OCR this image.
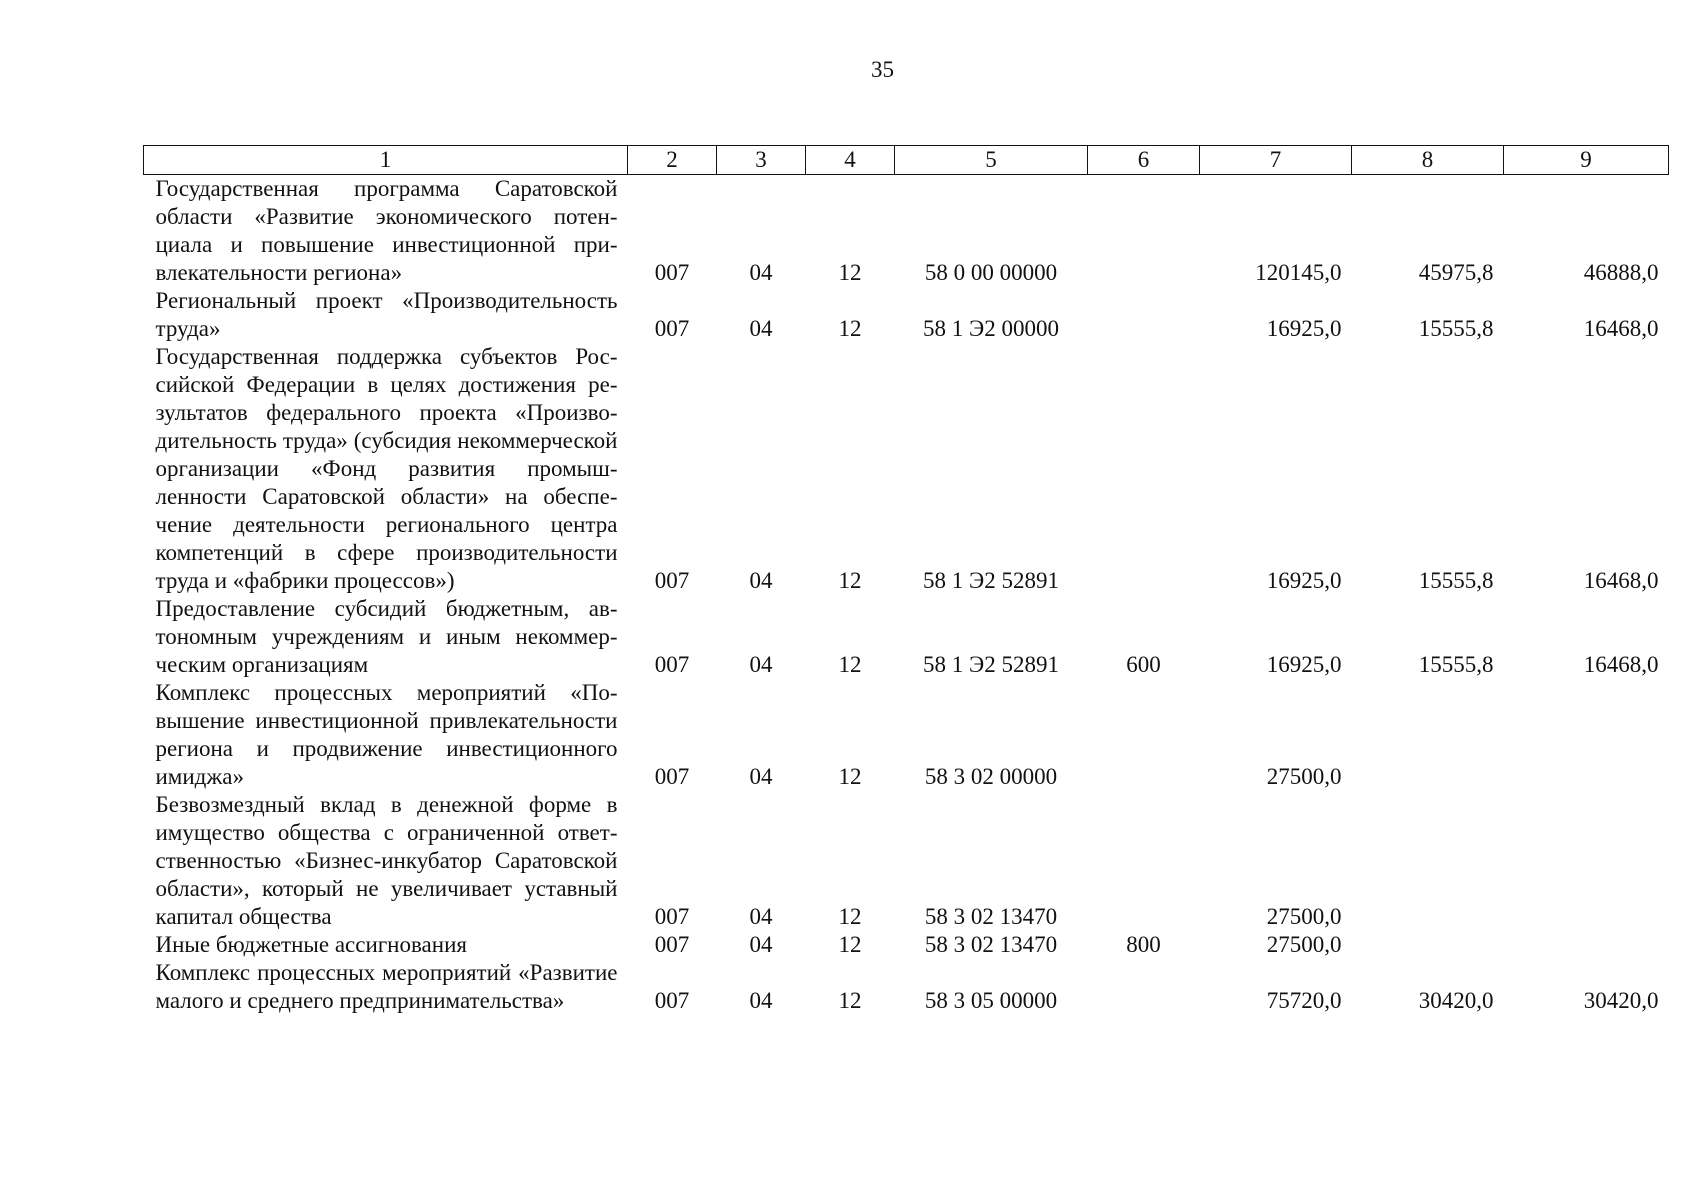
35
1	2	3	4	5	6	7	8	9
Государственная программа Саратовской области «Развитие экономического потенциала и повышение инвестиционной привлекательности региона»	007	04	12	58 0 00 00000		120145,0	45975,8	46888,0
Региональный проект «Производительность труда»	007	04	12	58 1 Э2 00000		16925,0	15555,8	16468,0
Государственная поддержка субъектов Российской Федерации в целях достижения результатов федерального проекта «Производительность труда» (субсидия некоммерческой организации «Фонд развития промышленности Саратовской области» на обеспечение деятельности регионального центра компетенций в сфере производительности труда и «фабрики процессов»)	007	04	12	58 1 Э2 52891		16925,0	15555,8	16468,0
Предоставление субсидий бюджетным, автономным учреждениям и иным некоммерческим организациям	007	04	12	58 1 Э2 52891	600	16925,0	15555,8	16468,0
Комплекс процессных мероприятий «Повышение инвестиционной привлекательности региона и продвижение инвестиционного имиджа»	007	04	12	58 3 02 00000		27500,0		
Безвозмездный вклад в денежной форме в имущество общества с ограниченной ответственностью «Бизнес-инкубатор Саратовской области», который не увеличивает уставный капитал общества	007	04	12	58 3 02 13470		27500,0		
Иные бюджетные ассигнования	007	04	12	58 3 02 13470	800	27500,0		
Комплекс процессных мероприятий «Развитие малого и среднего предпринимательства»	007	04	12	58 3 05 00000		75720,0	30420,0	30420,0
